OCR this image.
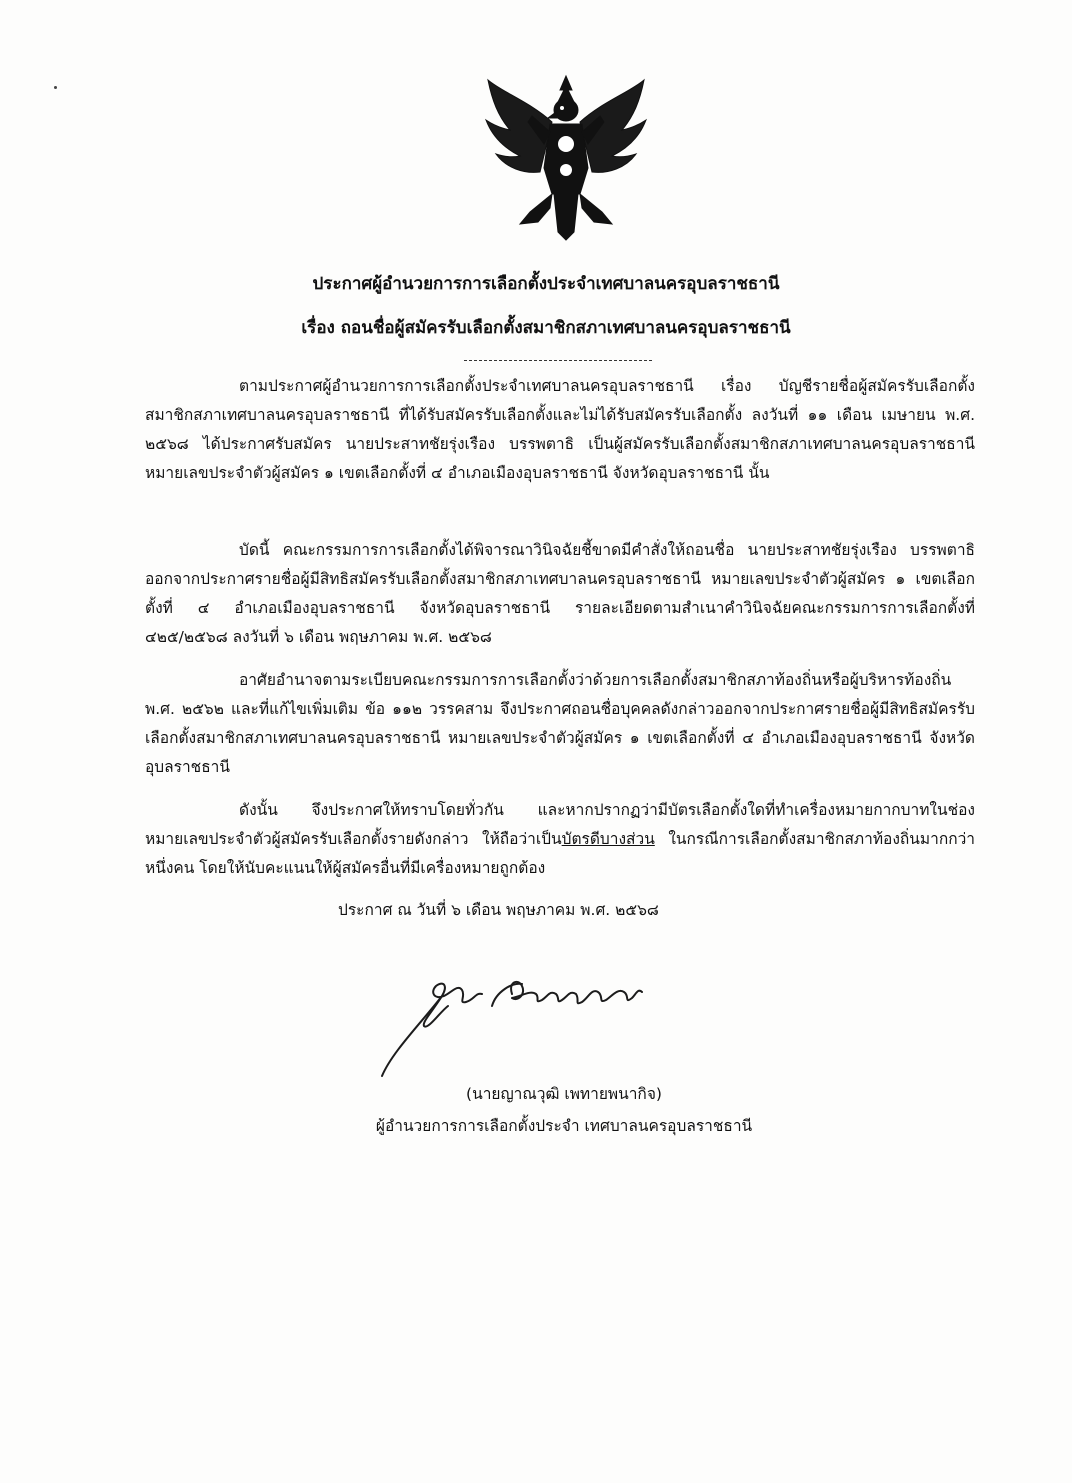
ประกาศผู้อำนวยการการเลือกตั้งประจำเทศบาลนครอุบลราชธานี
เรื่อง ถอนชื่อผู้สมัครรับเลือกตั้งสมาชิกสภาเทศบาลนครอุบลราชธานี

ตามประกาศผู้อำนวยการการเลือกตั้งประจำเทศบาลนครอุบลราชธานี เรื่อง บัญชีรายชื่อผู้สมัครรับเลือกตั้งสมาชิกสภาเทศบาลนครอุบลราชธานี ที่ได้รับสมัครรับเลือกตั้งและไม่ได้รับสมัครรับเลือกตั้ง ลงวันที่ ๑๑ เดือน เมษายน พ.ศ. ๒๕๖๘ ได้ประกาศรับสมัคร นายประสาทชัยรุ่งเรือง บรรพตาธิ เป็นผู้สมัครรับเลือกตั้งสมาชิกสภาเทศบาลนครอุบลราชธานี หมายเลขประจำตัวผู้สมัคร ๑ เขตเลือกตั้งที่ ๔ อำเภอเมืองอุบลราชธานี จังหวัดอุบลราชธานี นั้น

บัดนี้ คณะกรรมการการเลือกตั้งได้พิจารณาวินิจฉัยชี้ขาดมีคำสั่งให้ถอนชื่อ นายประสาทชัยรุ่งเรือง บรรพตาธิ ออกจากประกาศรายชื่อผู้มีสิทธิสมัครรับเลือกตั้งสมาชิกสภาเทศบาลนครอุบลราชธานี หมายเลขประจำตัวผู้สมัคร ๑ เขตเลือกตั้งที่ ๔ อำเภอเมืองอุบลราชธานี จังหวัดอุบลราชธานี รายละเอียดตามสำเนาคำวินิจฉัยคณะกรรมการการเลือกตั้งที่ ๔๒๕/๒๕๖๘ ลงวันที่ ๖ เดือน พฤษภาคม พ.ศ. ๒๕๖๘

อาศัยอำนาจตามระเบียบคณะกรรมการการเลือกตั้งว่าด้วยการเลือกตั้งสมาชิกสภาท้องถิ่นหรือผู้บริหารท้องถิ่น พ.ศ. ๒๕๖๒ และที่แก้ไขเพิ่มเติม ข้อ ๑๑๒ วรรคสาม จึงประกาศถอนชื่อบุคคลดังกล่าวออกจากประกาศรายชื่อผู้มีสิทธิสมัครรับเลือกตั้งสมาชิกสภาเทศบาลนครอุบลราชธานี หมายเลขประจำตัวผู้สมัคร ๑ เขตเลือกตั้งที่ ๔ อำเภอเมืองอุบลราชธานี จังหวัดอุบลราชธานี

ดังนั้น จึงประกาศให้ทราบโดยทั่วกัน และหากปรากฏว่ามีบัตรเลือกตั้งใดที่ทำเครื่องหมายกากบาทในช่องหมายเลขประจำตัวผู้สมัครรับเลือกตั้งรายดังกล่าว ให้ถือว่าเป็นบัตรดีบางส่วน ในกรณีการเลือกตั้งสมาชิกสภาท้องถิ่นมากกว่าหนึ่งคน โดยให้นับคะแนนให้ผู้สมัครอื่นที่มีเครื่องหมายถูกต้อง

ประกาศ ณ วันที่ ๖ เดือน พฤษภาคม พ.ศ. ๒๕๖๘
(นายญาณวุฒิ เพทายพนากิจ)
ผู้อำนวยการการเลือกตั้งประจำ เทศบาลนครอุบลราชธานี
